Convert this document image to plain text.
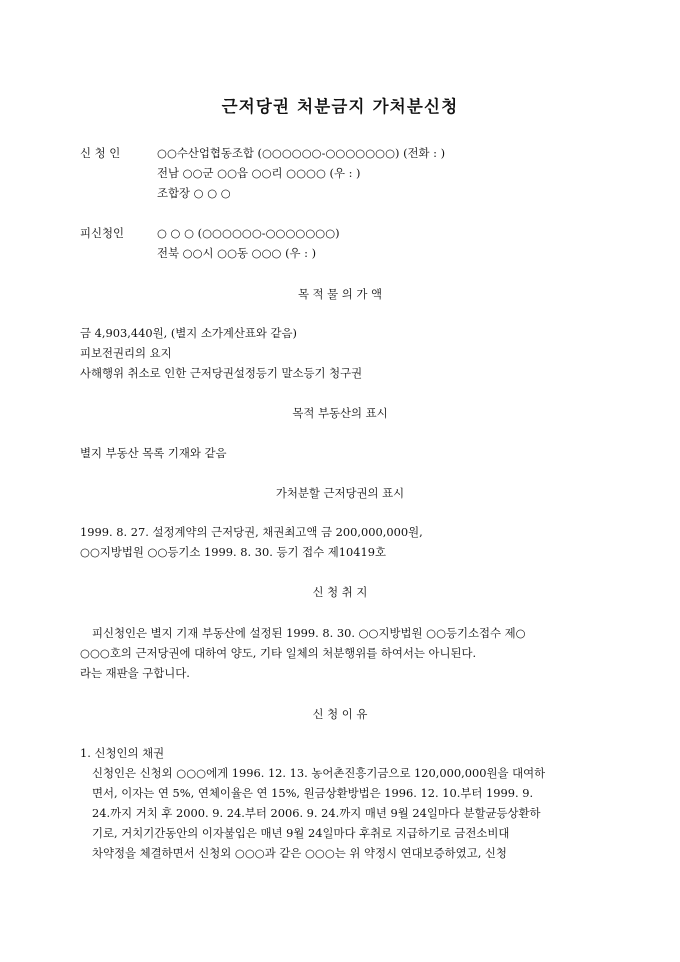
근저당권 처분금지 가처분신청
신 청 인	○○수산업협동조합 (○○○○○○-○○○○○○○) (전화 : )
전남 ○○군 ○○읍 ○○리 ○○○○ (우 : )
조합장 ○ ○ ○
피신청인	○ ○ ○ (○○○○○○-○○○○○○○)
전북 ○○시 ○○동 ○○○ (우 : )
목 적 물 의 가 액
금 4,903,440원, (별지 소가계산표와 같음)
피보전권리의 요지
사해행위 취소로 인한 근저당권설정등기 말소등기 청구권
목적 부동산의 표시
별지 부동산 목록 기재와 같음
가처분할 근저당권의 표시
1999. 8. 27. 설정계약의 근저당권, 채권최고액 금 200,000,000원,
○○지방법원 ○○등기소 1999. 8. 30. 등기 접수 제10419호
신 청 취 지
피신청인은 별지 기재 부동산에 설정된 1999. 8. 30. ○○지방법원 ○○등기소접수 제○
○○○호의 근저당권에 대하여 양도, 기타 일체의 처분행위를 하여서는 아니된다.
라는 재판을 구합니다.
신 청 이 유
1. 신청인의 채권
신청인은 신청외 ○○○에게 1996. 12. 13. 농어촌진흥기금으로 120,000,000원을 대여하
면서, 이자는 연 5%, 연체이율은 연 15%, 원금상환방법은 1996. 12. 10.부터 1999. 9.
24.까지 거치 후 2000. 9. 24.부터 2006. 9. 24.까지 매년 9월 24일마다 분할균등상환하
기로, 거치기간동안의 이자불입은 매년 9월 24일마다 후취로 지급하기로 금전소비대
차약정을 체결하면서 신청외 ○○○과 같은 ○○○는 위 약정시 연대보증하였고, 신청
